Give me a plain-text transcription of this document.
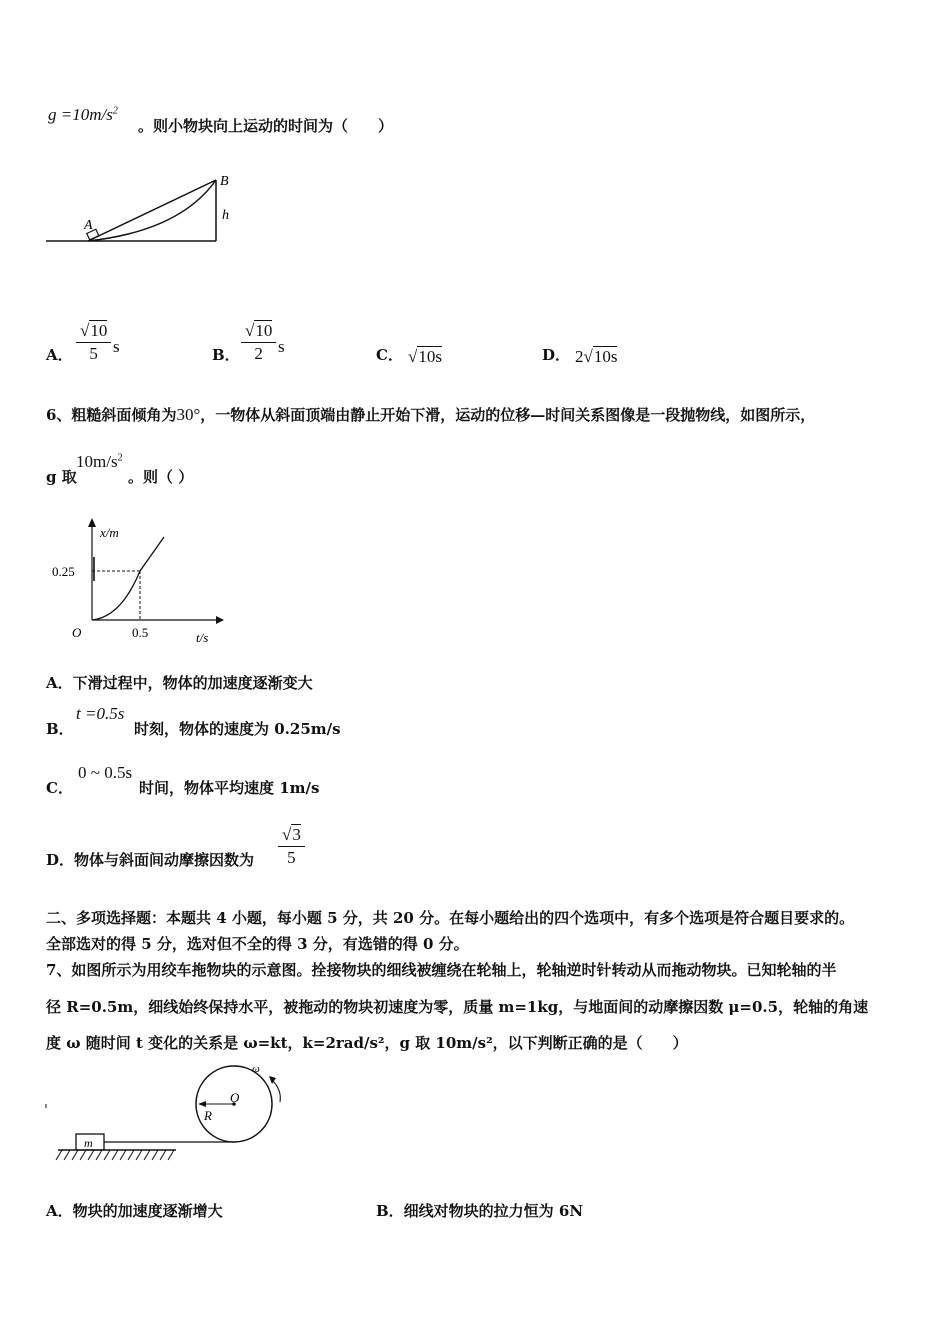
$g =10m/s^2$
。则小物块向上运动的时间为（　　）
A
B
h
A． $\frac{√10}{5}$ s	B． $\frac{√10}{2}$ s	C． √10s	D． 2√10s
6、粗糙斜面倾角为30°，一物体从斜面顶端由静止开始下滑，运动的位移—时间关系图像是一段抛物线，如图所示，
g 取
$10m/s^2$
。则（ ）
x/m
t/s
O
0.25
0.5
A．下滑过程中，物体的加速度逐渐变大
B．
t =0.5s
时刻，物体的速度为 0.25m/s
C．
0 ~ 0.5s
时间，物体平均速度 1m/s
D．物体与斜面间动摩擦因数为 $\frac{√3}{5}$
二、多项选择题：本题共 4 小题，每小题 5 分，共 20 分。在每小题给出的四个选项中，有多个选项是符合题目要求的。
全部选对的得 5 分，选对但不全的得 3 分，有选错的得 0 分。
7、如图所示为用绞车拖物块的示意图。拴接物块的细线被缠绕在轮轴上，轮轴逆时针转动从而拖动物块。已知轮轴的半
径 R=0.5m，细线始终保持水平，被拖动的物块初速度为零，质量 m=1kg，与地面间的动摩擦因数 μ=0.5，轮轴的角速
度 ω 随时间 t 变化的关系是 ω=kt，k=2rad/s²，g 取 10m/s²，以下判断正确的是（　　）
m
O
R
ω
A．物块的加速度逐渐增大	B．细线对物块的拉力恒为 6N
